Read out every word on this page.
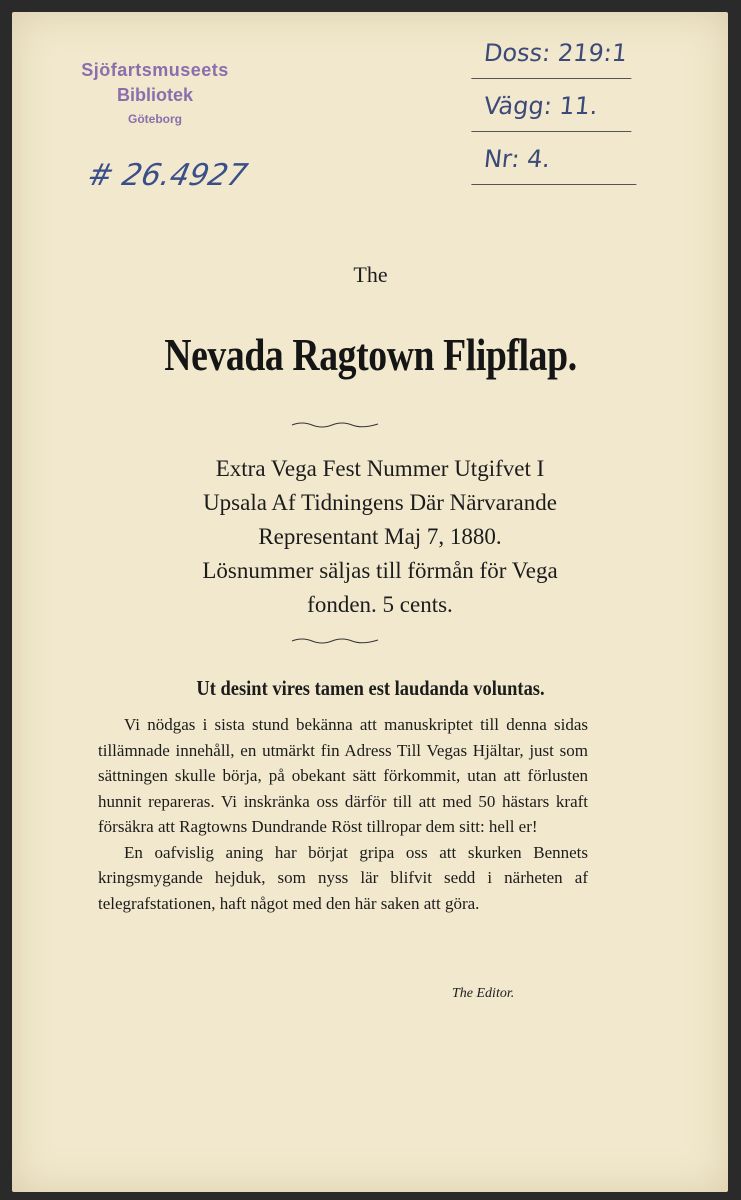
Sjöfartsmuseets
Bibliotek
Göteborg
# 26.4927
Doss: 219:1
Vägg: 11.
Nr: 4.
The
Nevada Ragtown Flipflap.
Extra Vega Fest Nummer Utgifvet I
Upsala Af Tidningens Där Närvarande
Representant Maj 7, 1880.
Lösnummer säljas till förmån för Vega
fonden. 5 cents.
Ut desint vires tamen est laudanda voluntas.

Vi nödgas i sista stund bekänna att manuskriptet till denna sidas tillämnade innehåll, en utmärkt fin Adress Till Vegas Hjältar, just som sättningen skulle börja, på obekant sätt förkommit, utan att förlusten hunnit repareras. Vi inskränka oss därför till att med 50 hästars kraft försäkra att Ragtowns Dundrande Röst tillropar dem sitt: hell er!

En oafvislig aning har börjat gripa oss att skurken Bennets kringsmygande hejduk, som nyss lär blifvit sedd i närheten af telegrafstationen, haft något med den här saken att göra.

The Editor.
